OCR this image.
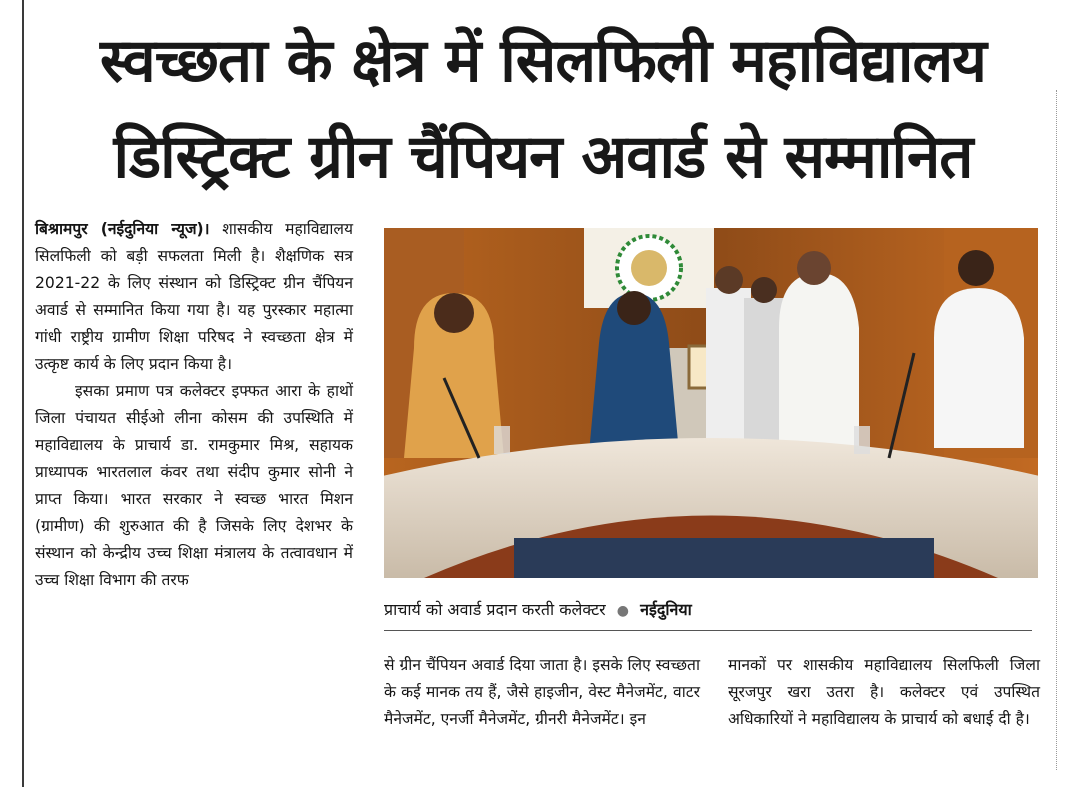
स्वच्छता के क्षेत्र में सिलफिली महाविद्यालय
डिस्ट्रिक्ट ग्रीन चैंपियन अवार्ड से सम्मानित

बिश्रामपुर (नईदुनिया न्यूज)। शासकीय महाविद्यालय सिलफिली को बड़ी सफलता मिली है। शैक्षणिक सत्र 2021-22 के लिए संस्थान को डिस्ट्रिक्ट ग्रीन चैंपियन अवार्ड से सम्मानित किया गया है। यह पुरस्कार महात्मा गांधी राष्ट्रीय ग्रामीण शिक्षा परिषद ने स्वच्छता क्षेत्र में उत्कृष्ट कार्य के लिए प्रदान किया है।

इसका प्रमाण पत्र कलेक्टर इफ्फत आरा के हाथों जिला पंचायत सीईओ लीना कोसम की उपस्थिति में महाविद्यालय के प्राचार्य डा. रामकुमार मिश्र, सहायक प्राध्यापक भारतलाल कंवर तथा संदीप कुमार सोनी ने प्राप्त किया। भारत सरकार ने स्वच्छ भारत मिशन (ग्रामीण) की शुरुआत की है जिसके लिए देशभर के संस्थान को केन्द्रीय उच्च शिक्षा मंत्रालय के तत्वावधान में उच्च शिक्षा विभाग की तरफ

प्राचार्य को अवार्ड प्रदान करती कलेक्टर ● नईदुनिया

से ग्रीन चैंपियन अवार्ड दिया जाता है। इसके लिए स्वच्छता के कई मानक तय हैं, जैसे हाइजीन, वेस्ट मैनेजमेंट, वाटर मैनेजमेंट, एनर्जी मैनेजमेंट, ग्रीनरी मैनेजमेंट। इन

मानकों पर शासकीय महाविद्यालय सिलफिली जिला सूरजपुर खरा उतरा है। कलेक्टर एवं उपस्थित अधिकारियों ने महाविद्यालय के प्राचार्य को बधाई दी है।
